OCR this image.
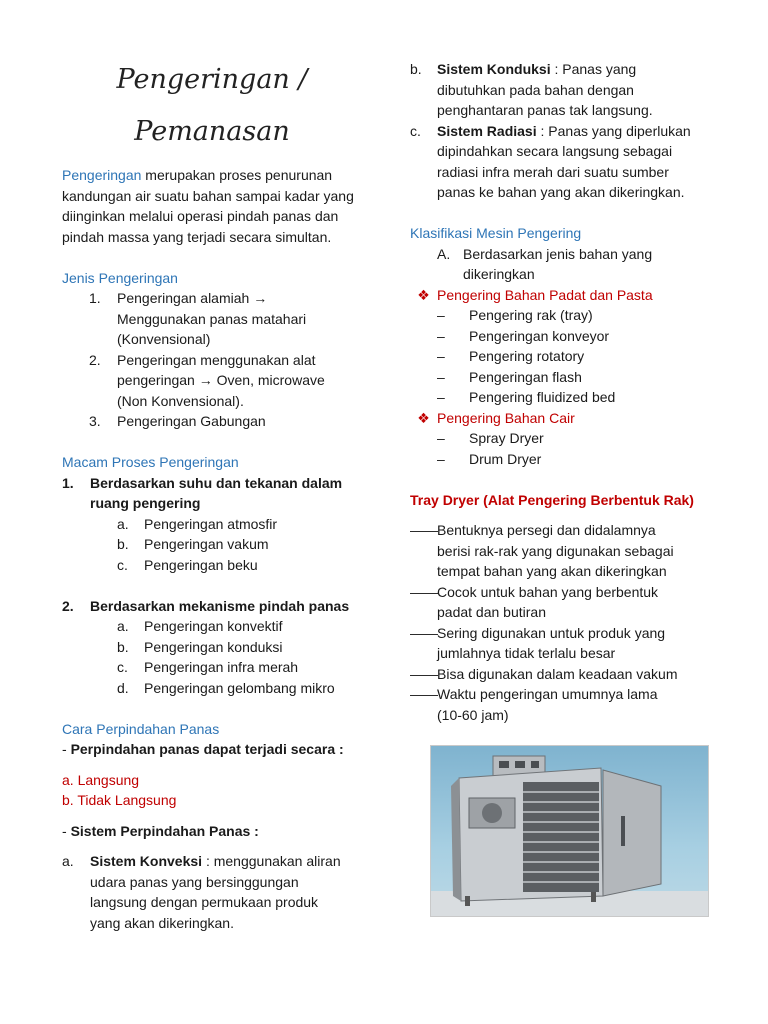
Pengeringan /
Pemanasan

Pengeringan merupakan proses penurunan kandungan air suatu bahan sampai kadar yang diinginkan melalui operasi pindah panas dan pindah massa yang terjadi secara simultan.

Jenis Pengeringan

1.	Pengeringan alamiah →
Menggunakan panas matahari
(Konvensional)
2.	Pengeringan menggunakan alat
pengeringan → Oven, microwave
(Non Konvensional).
3.	Pengeringan Gabungan

Macam Proses Pengeringan

1.	Berdasarkan suhu dan tekanan dalam
ruang pengering
a.	Pengeringan atmosfir
b.	Pengeringan vakum
c.	Pengeringan beku
2.	Berdasarkan mekanisme pindah panas
a.	Pengeringan konvektif
b.	Pengeringan konduksi
c.	Pengeringan infra merah
d.	Pengeringan gelombang mikro

Cara Perpindahan Panas

- Perpindahan panas dapat terjadi secara :

a. Langsung

b. Tidak Langsung

- Sistem Perpindahan Panas :

a.	Sistem Konveksi : menggunakan aliran
udara panas yang bersinggungan
langsung dengan permukaan produk
yang akan dikeringkan.
b.	Sistem Konduksi : Panas yang
dibutuhkan pada bahan dengan
penghantaran panas tak langsung.
c.	Sistem Radiasi : Panas yang diperlukan
dipindahkan secara langsung sebagai
radiasi infra merah dari suatu sumber
panas ke bahan yang akan dikeringkan.

Klasifikasi Mesin Pengering

A. Berdasarkan jenis bahan yang
dikeringkan
❖ Pengering Bahan Padat dan Pasta
–	Pengering rak (tray)
–	Pengeringan konveyor
–	Pengering rotatory
–	Pengeringan flash
–	Pengering fluidized bed
❖ Pengering Bahan Cair
–	Spray Dryer
–	Drum Dryer

Tray Dryer (Alat Pengering Berbentuk Rak)

—— Bentuknya persegi dan didalamnya
berisi rak-rak yang digunakan sebagai
tempat bahan yang akan dikeringkan
—— Cocok untuk bahan yang berbentuk
padat dan butiran
—— Sering digunakan untuk produk yang
jumlahnya tidak terlalu besar
—— Bisa digunakan dalam keadaan vakum
—— Waktu pengeringan umumnya lama
(10-60 jam)
